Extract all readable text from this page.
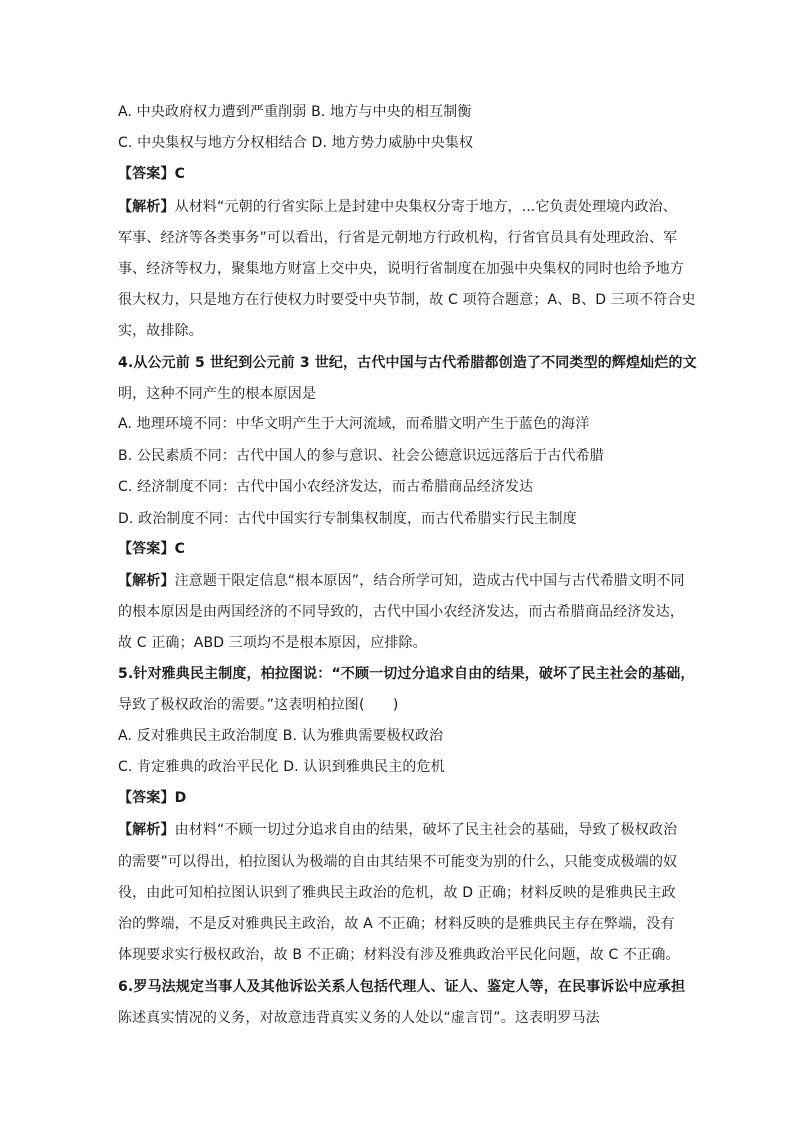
A. 中央政府权力遭到严重削弱 B. 地方与中央的相互制衡
C. 中央集权与地方分权相结合 D. 地方势力威胁中央集权
【答案】C
【解析】从材料“元朝的行省实际上是封建中央集权分寄于地方，...它负责处理境内政治、
军事、经济等各类事务”可以看出，行省是元朝地方行政机构，行省官员具有处理政治、军
事、经济等权力，聚集地方财富上交中央，说明行省制度在加强中央集权的同时也给予地方
很大权力，只是地方在行使权力时要受中央节制，故 C 项符合题意；A、B、D 三项不符合史
实，故排除。
4.从公元前 5 世纪到公元前 3 世纪，古代中国与古代希腊都创造了不同类型的辉煌灿烂的文
明，这种不同产生的根本原因是
A. 地理环境不同：中华文明产生于大河流域，而希腊文明产生于蓝色的海洋
B. 公民素质不同：古代中国人的参与意识、社会公德意识远远落后于古代希腊
C. 经济制度不同：古代中国小农经济发达，而古希腊商品经济发达
D. 政治制度不同：古代中国实行专制集权制度，而古代希腊实行民主制度
【答案】C
【解析】注意题干限定信息“根本原因”，结合所学可知，造成古代中国与古代希腊文明不同
的根本原因是由两国经济的不同导致的，古代中国小农经济发达，而古希腊商品经济发达，
故 C 正确；ABD 三项均不是根本原因，应排除。
5.针对雅典民主制度，柏拉图说：“不顾一切过分追求自由的结果，破坏了民主社会的基础，
导致了极权政治的需要。”这表明柏拉图(　　)
A. 反对雅典民主政治制度 B. 认为雅典需要极权政治
C. 肯定雅典的政治平民化 D. 认识到雅典民主的危机
【答案】D
【解析】由材料“不顾一切过分追求自由的结果，破坏了民主社会的基础，导致了极权政治
的需要”可以得出，柏拉图认为极端的自由其结果不可能变为别的什么，只能变成极端的奴
役，由此可知柏拉图认识到了雅典民主政治的危机，故 D 正确；材料反映的是雅典民主政
治的弊端，不是反对雅典民主政治，故 A 不正确；材料反映的是雅典民主存在弊端，没有
体现要求实行极权政治，故 B 不正确；材料没有涉及雅典政治平民化问题，故 C 不正确。
6.罗马法规定当事人及其他诉讼关系人包括代理人、证人、鉴定人等，在民事诉讼中应承担
陈述真实情况的义务，对故意违背真实义务的人处以“虚言罚”。这表明罗马法
